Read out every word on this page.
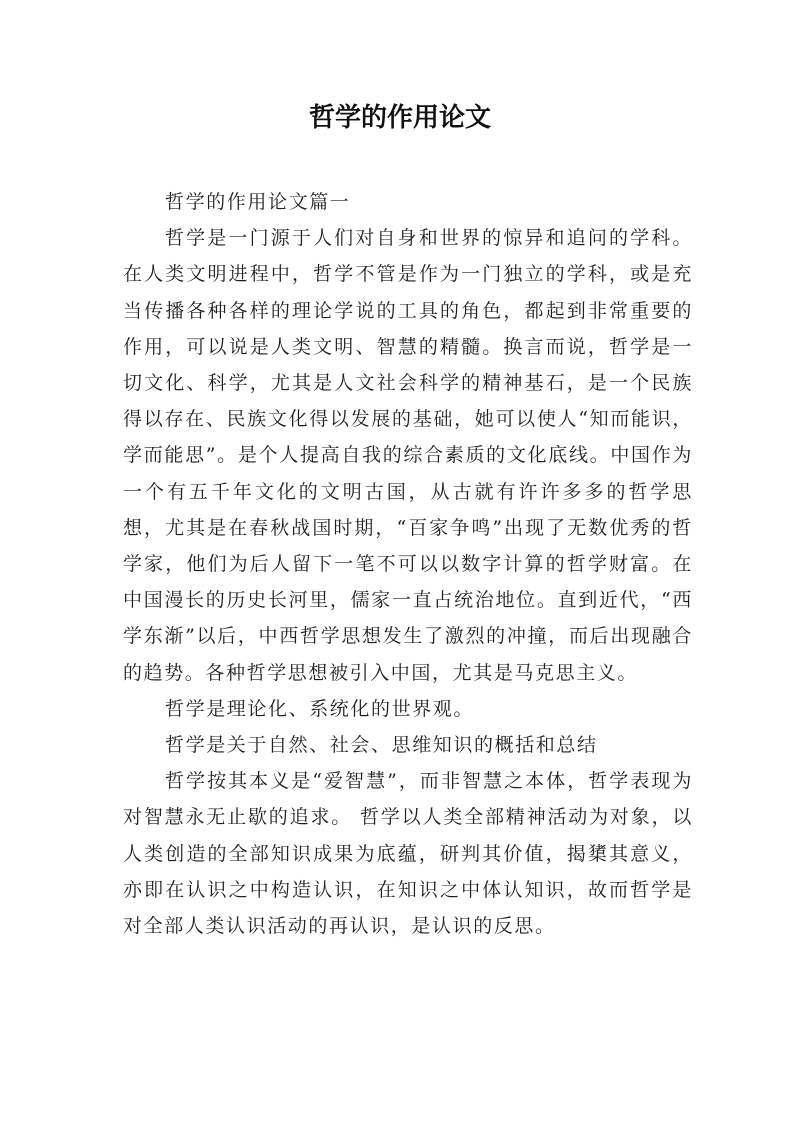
哲学的作用论文

哲学的作用论文篇一

哲学是一门源于人们对自身和世界的惊异和追问的学科。在人类文明进程中，哲学不管是作为一门独立的学科，或是充当传播各种各样的理论学说的工具的角色，都起到非常重要的作用，可以说是人类文明、智慧的精髓。换言而说，哲学是一切文化、科学，尤其是人文社会科学的精神基石，是一个民族得以存在、民族文化得以发展的基础，她可以使人“知而能识，学而能思”。是个人提高自我的综合素质的文化底线。中国作为一个有五千年文化的文明古国，从古就有许许多多的哲学思想，尤其是在春秋战国时期，“百家争鸣”出现了无数优秀的哲学家，他们为后人留下一笔不可以以数字计算的哲学财富。在中国漫长的历史长河里，儒家一直占统治地位。直到近代，“西学东渐”以后，中西哲学思想发生了激烈的冲撞，而后出现融合的趋势。各种哲学思想被引入中国，尤其是马克思主义。

哲学是理论化、系统化的世界观。

哲学是关于自然、社会、思维知识的概括和总结

哲学按其本义是“爱智慧”，而非智慧之本体，哲学表现为对智慧永无止歇的追求。 哲学以人类全部精神活动为对象，以人类创造的全部知识成果为底蕴，研判其价值，揭橥其意义，亦即在认识之中构造认识，在知识之中体认知识，故而哲学是对全部人类认识活动的再认识，是认识的反思。
